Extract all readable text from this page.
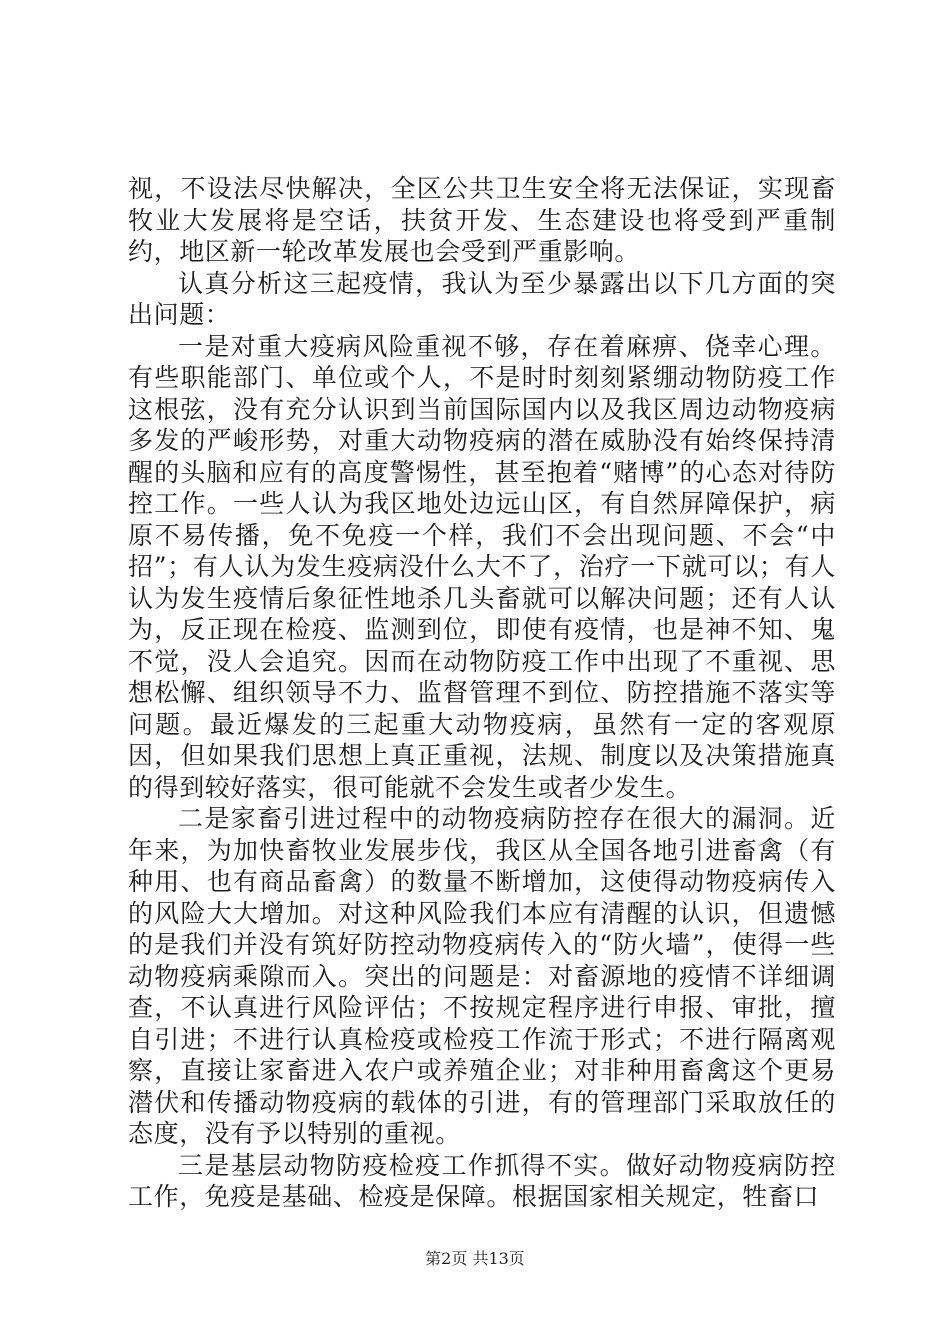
视，不设法尽快解决，全区公共卫生安全将无法保证，实现畜牧业大发展将是空话，扶贫开发、生态建设也将受到严重制约，地区新一轮改革发展也会受到严重影响。

认真分析这三起疫情，我认为至少暴露出以下几方面的突出问题：

一是对重大疫病风险重视不够，存在着麻痹、侥幸心理。有些职能部门、单位或个人，不是时时刻刻紧绷动物防疫工作这根弦，没有充分认识到当前国际国内以及我区周边动物疫病多发的严峻形势，对重大动物疫病的潜在威胁没有始终保持清醒的头脑和应有的高度警惕性，甚至抱着“赌博”的心态对待防控工作。一些人认为我区地处边远山区，有自然屏障保护，病原不易传播，免不免疫一个样，我们不会出现问题、不会“中招”；有人认为发生疫病没什么大不了，治疗一下就可以；有人认为发生疫情后象征性地杀几头畜就可以解决问题；还有人认为，反正现在检疫、监测到位，即使有疫情，也是神不知、鬼不觉，没人会追究。因而在动物防疫工作中出现了不重视、思想松懈、组织领导不力、监督管理不到位、防控措施不落实等问题。最近爆发的三起重大动物疫病，虽然有一定的客观原因，但如果我们思想上真正重视，法规、制度以及决策措施真的得到较好落实，很可能就不会发生或者少发生。

二是家畜引进过程中的动物疫病防控存在很大的漏洞。近年来，为加快畜牧业发展步伐，我区从全国各地引进畜禽（有种用、也有商品畜禽）的数量不断增加，这使得动物疫病传入的风险大大增加。对这种风险我们本应有清醒的认识，但遗憾的是我们并没有筑好防控动物疫病传入的“防火墙”，使得一些动物疫病乘隙而入。突出的问题是：对畜源地的疫情不详细调查，不认真进行风险评估；不按规定程序进行申报、审批，擅自引进；不进行认真检疫或检疫工作流于形式；不进行隔离观察，直接让家畜进入农户或养殖企业；对非种用畜禽这个更易潜伏和传播动物疫病的载体的引进，有的管理部门采取放任的态度，没有予以特别的重视。

三是基层动物防疫检疫工作抓得不实。做好动物疫病防控工作，免疫是基础、检疫是保障。根据国家相关规定，牲畜口

第2页 共13页
